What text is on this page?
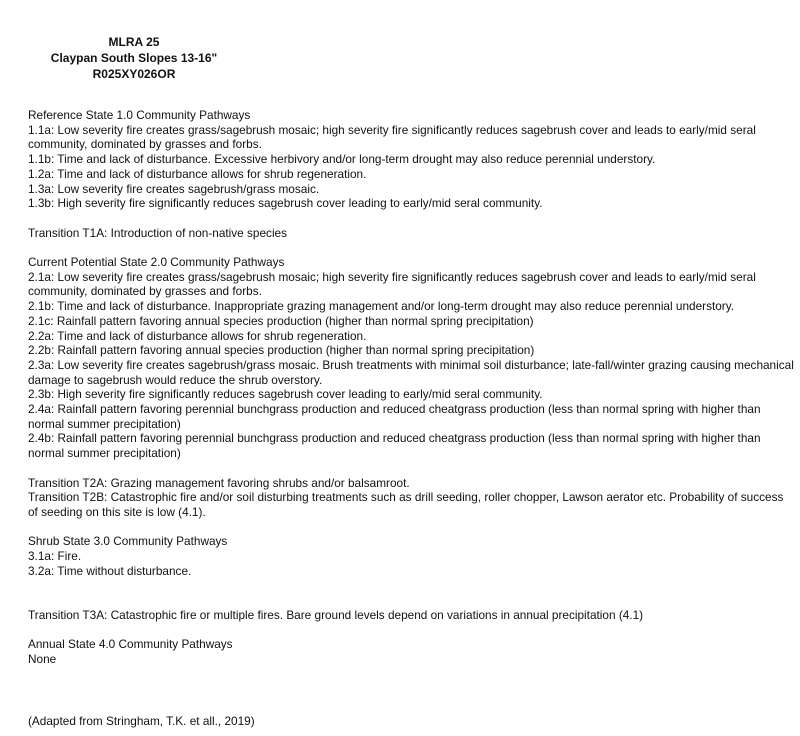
MLRA 25
Claypan South Slopes 13-16"
R025XY026OR

Reference State 1.0 Community Pathways

1.1a: Low severity fire creates grass/sagebrush mosaic; high severity fire significantly reduces sagebrush cover and leads to early/mid seral community, dominated by grasses and forbs.

1.1b: Time and lack of disturbance. Excessive herbivory and/or long-term drought may also reduce perennial understory.

1.2a: Time and lack of disturbance allows for shrub regeneration.

1.3a: Low severity fire creates sagebrush/grass mosaic.

1.3b: High severity fire significantly reduces sagebrush cover leading to early/mid seral community.

Transition T1A: Introduction of non-native species

Current Potential State 2.0 Community Pathways

2.1a: Low severity fire creates grass/sagebrush mosaic; high severity fire significantly reduces sagebrush cover and leads to early/mid seral community, dominated by grasses and forbs.

2.1b: Time and lack of disturbance. Inappropriate grazing management and/or long-term drought may also reduce perennial understory.

2.1c: Rainfall pattern favoring annual species production (higher than normal spring precipitation)

2.2a: Time and lack of disturbance allows for shrub regeneration.

2.2b: Rainfall pattern favoring annual species production (higher than normal spring precipitation)

2.3a: Low severity fire creates sagebrush/grass mosaic. Brush treatments with minimal soil disturbance; late-fall/winter grazing causing mechanical damage to sagebrush would reduce the shrub overstory.

2.3b: High severity fire significantly reduces sagebrush cover leading to early/mid seral community.

2.4a: Rainfall pattern favoring perennial bunchgrass production and reduced cheatgrass production (less than normal spring with higher than normal summer precipitation)

2.4b: Rainfall pattern favoring perennial bunchgrass production and reduced cheatgrass production (less than normal spring with higher than normal summer precipitation)

Transition T2A: Grazing management favoring shrubs and/or balsamroot.

Transition T2B: Catastrophic fire and/or soil disturbing treatments such as drill seeding, roller chopper, Lawson aerator etc. Probability of success of seeding on this site is low (4.1).

Shrub State 3.0 Community Pathways

3.1a: Fire.

3.2a: Time without disturbance.

Transition T3A: Catastrophic fire or multiple fires. Bare ground levels depend on variations in annual precipitation (4.1)

Annual State 4.0 Community Pathways

None

(Adapted from Stringham, T.K. et all., 2019)
